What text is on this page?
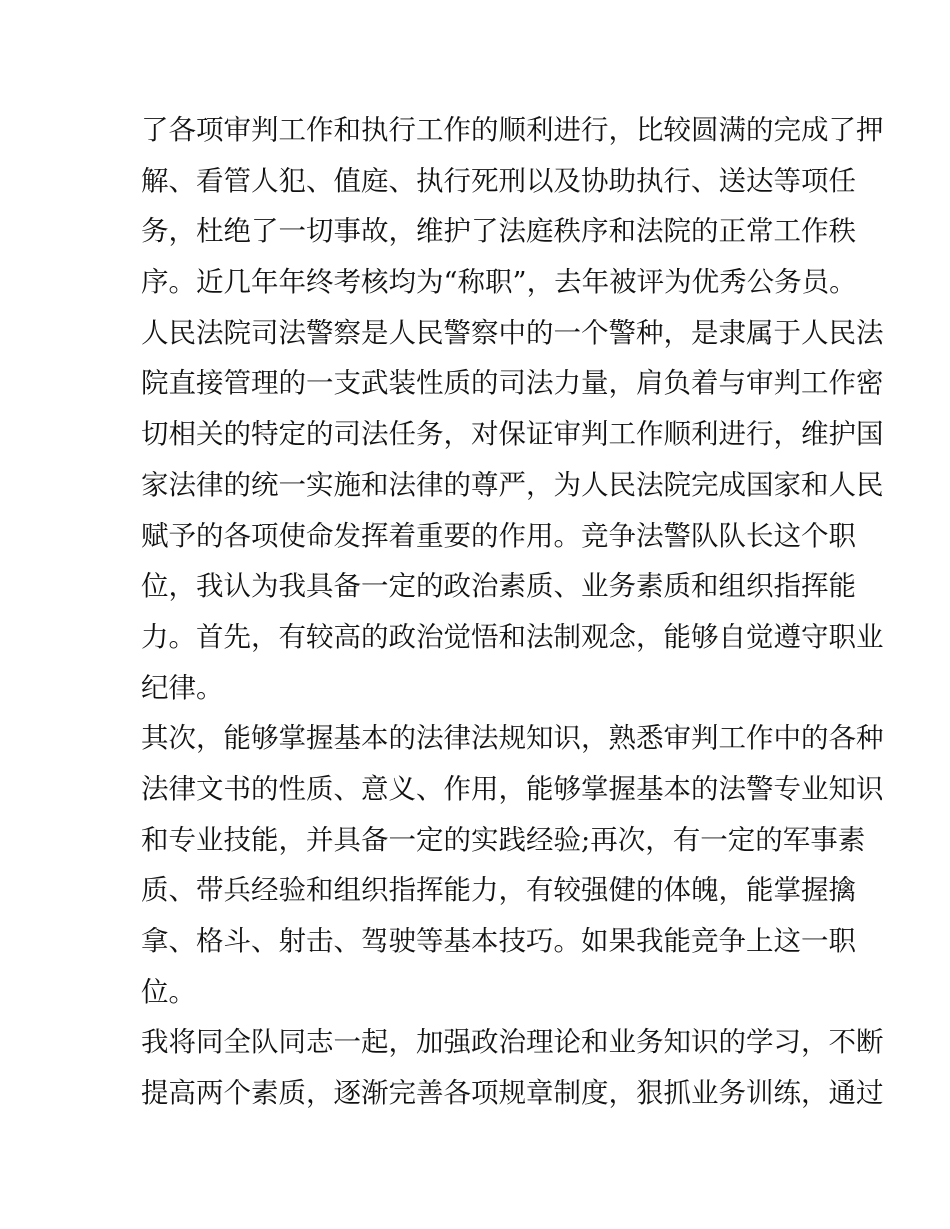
了各项审判工作和执行工作的顺利进行，比较圆满的完成了押
解、看管人犯、值庭、执行死刑以及协助执行、送达等项任
务，杜绝了一切事故，维护了法庭秩序和法院的正常工作秩
序。近几年年终考核均为“称职”，去年被评为优秀公务员。
人民法院司法警察是人民警察中的一个警种，是隶属于人民法
院直接管理的一支武装性质的司法力量，肩负着与审判工作密
切相关的特定的司法任务，对保证审判工作顺利进行，维护国
家法律的统一实施和法律的尊严，为人民法院完成国家和人民
赋予的各项使命发挥着重要的作用。竞争法警队队长这个职
位，我认为我具备一定的政治素质、业务素质和组织指挥能
力。首先，有较高的政治觉悟和法制观念，能够自觉遵守职业
纪律。
其次，能够掌握基本的法律法规知识，熟悉审判工作中的各种
法律文书的性质、意义、作用，能够掌握基本的法警专业知识
和专业技能，并具备一定的实践经验;再次，有一定的军事素
质、带兵经验和组织指挥能力，有较强健的体魄，能掌握擒
拿、格斗、射击、驾驶等基本技巧。如果我能竞争上这一职
位。
我将同全队同志一起，加强政治理论和业务知识的学习，不断
提高两个素质，逐渐完善各项规章制度，狠抓业务训练，通过
